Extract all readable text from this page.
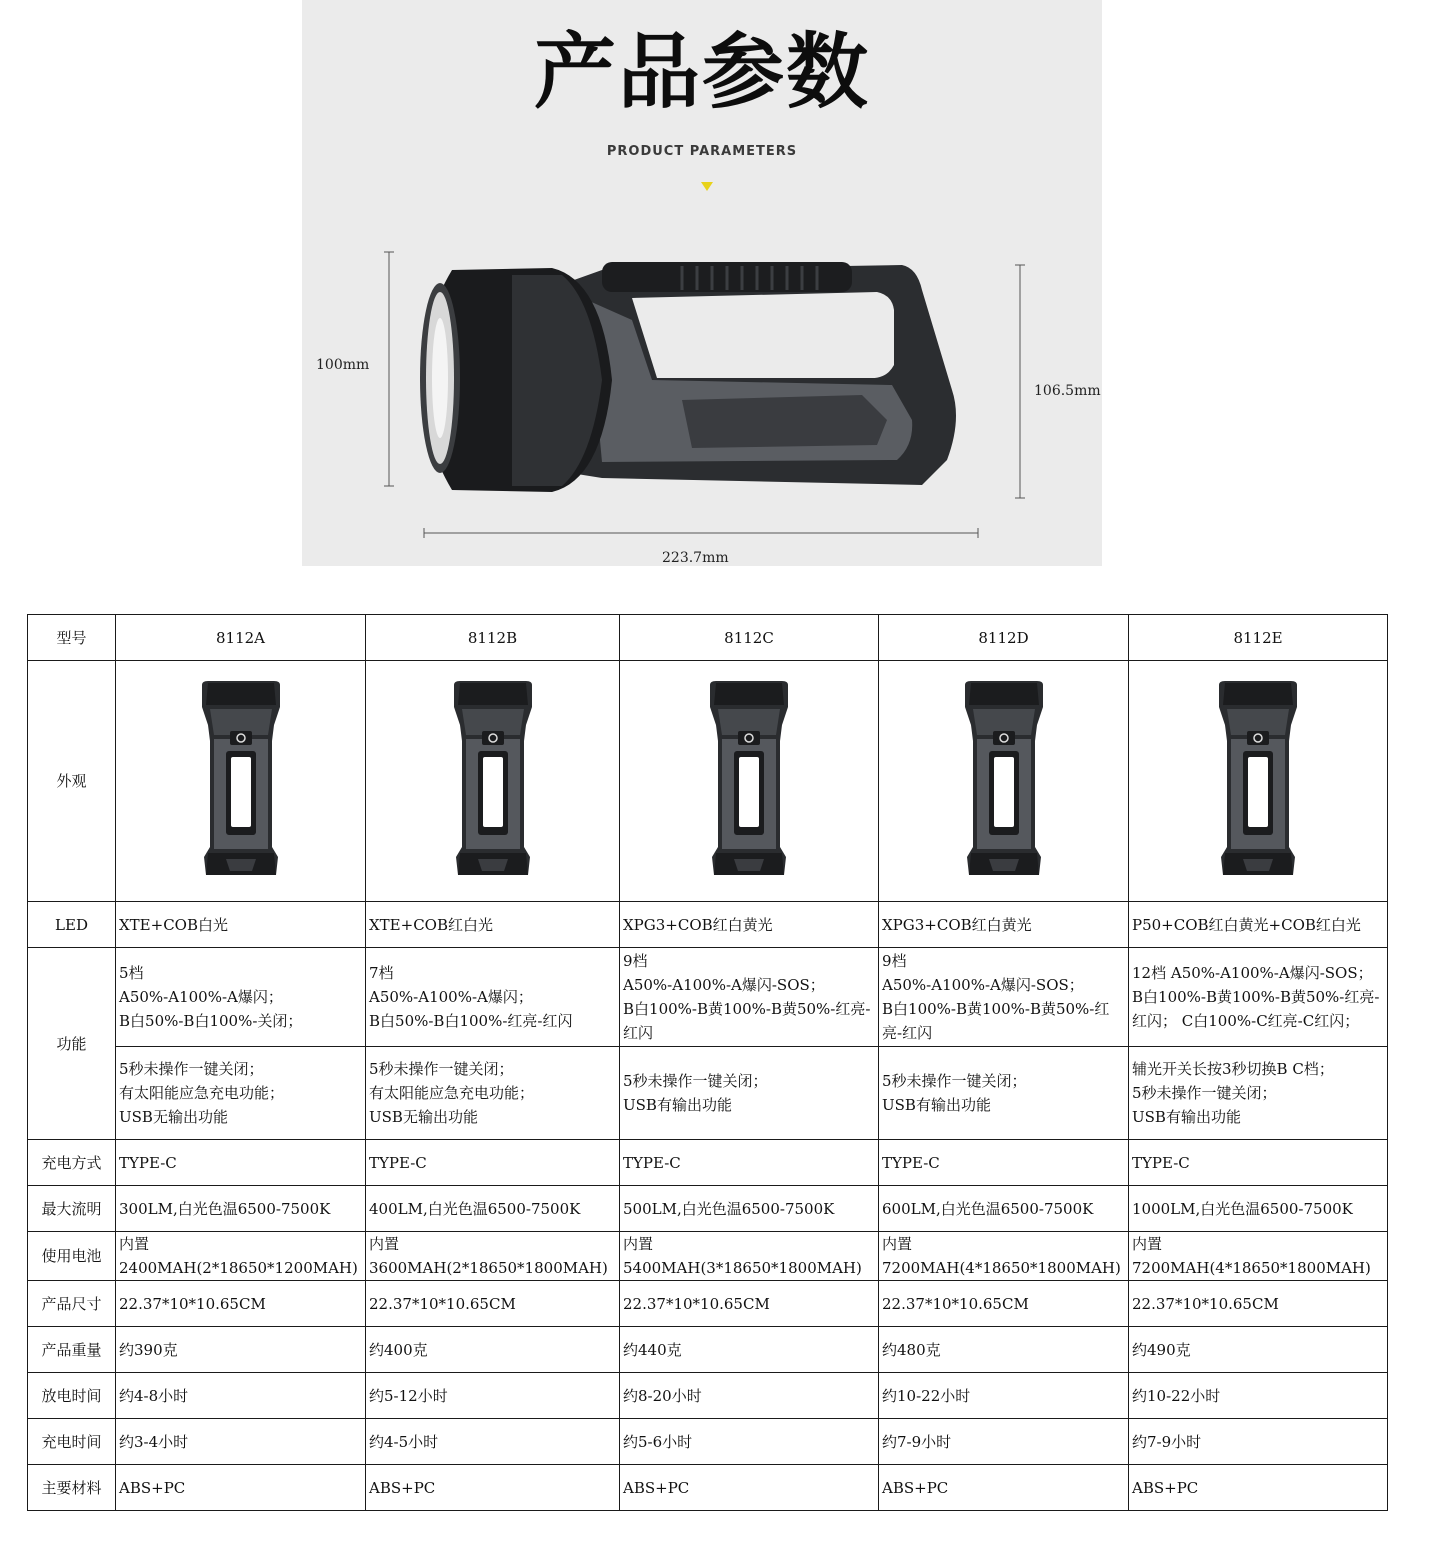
产品参数
PRODUCT PARAMETERS
100mm
106.5mm
223.7mm
型号	8112A	8112B	8112C	8112D	8112E
外观	

LED	XTE+COB白光	XTE+COB红白光	XPG3+COB红白黄光	XPG3+COB红白黄光	P50+COB红白黄光+COB红白光
功能	5档
A50%-A100%-A爆闪；
B白50%-B白100%-关闭；	7档
A50%-A100%-A爆闪；
B白50%-B白100%-红亮-红闪	9档
A50%-A100%-A爆闪-SOS；
B白100%-B黄100%-B黄50%-红亮-红闪	9档
A50%-A100%-A爆闪-SOS；
B白100%-B黄100%-B黄50%-红亮-红闪	12档 A50%-A100%-A爆闪-SOS；
B白100%-B黄100%-B黄50%-红亮-红闪； C白100%-C红亮-C红闪；
	5秒未操作一键关闭；
有太阳能应急充电功能；
USB无输出功能	5秒未操作一键关闭；
有太阳能应急充电功能；
USB无输出功能	5秒未操作一键关闭；
USB有输出功能	5秒未操作一键关闭；
USB有输出功能	辅光开关长按3秒切换B C档；
5秒未操作一键关闭；
USB有输出功能
充电方式	TYPE-C	TYPE-C	TYPE-C	TYPE-C	TYPE-C
最大流明	300LM,白光色温6500-7500K	400LM,白光色温6500-7500K	500LM,白光色温6500-7500K	600LM,白光色温6500-7500K	1000LM,白光色温6500-7500K
使用电池	内置2400MAH(2*18650*1200MAH)	内置3600MAH(2*18650*1800MAH)	内置5400MAH(3*18650*1800MAH)	内置7200MAH(4*18650*1800MAH)	内置7200MAH(4*18650*1800MAH)
产品尺寸	22.37*10*10.65CM	22.37*10*10.65CM	22.37*10*10.65CM	22.37*10*10.65CM	22.37*10*10.65CM
产品重量	约390克	约400克	约440克	约480克	约490克
放电时间	约4-8小时	约5-12小时	约8-20小时	约10-22小时	约10-22小时
充电时间	约3-4小时	约4-5小时	约5-6小时	约7-9小时	约7-9小时
主要材料	ABS+PC	ABS+PC	ABS+PC	ABS+PC	ABS+PC
